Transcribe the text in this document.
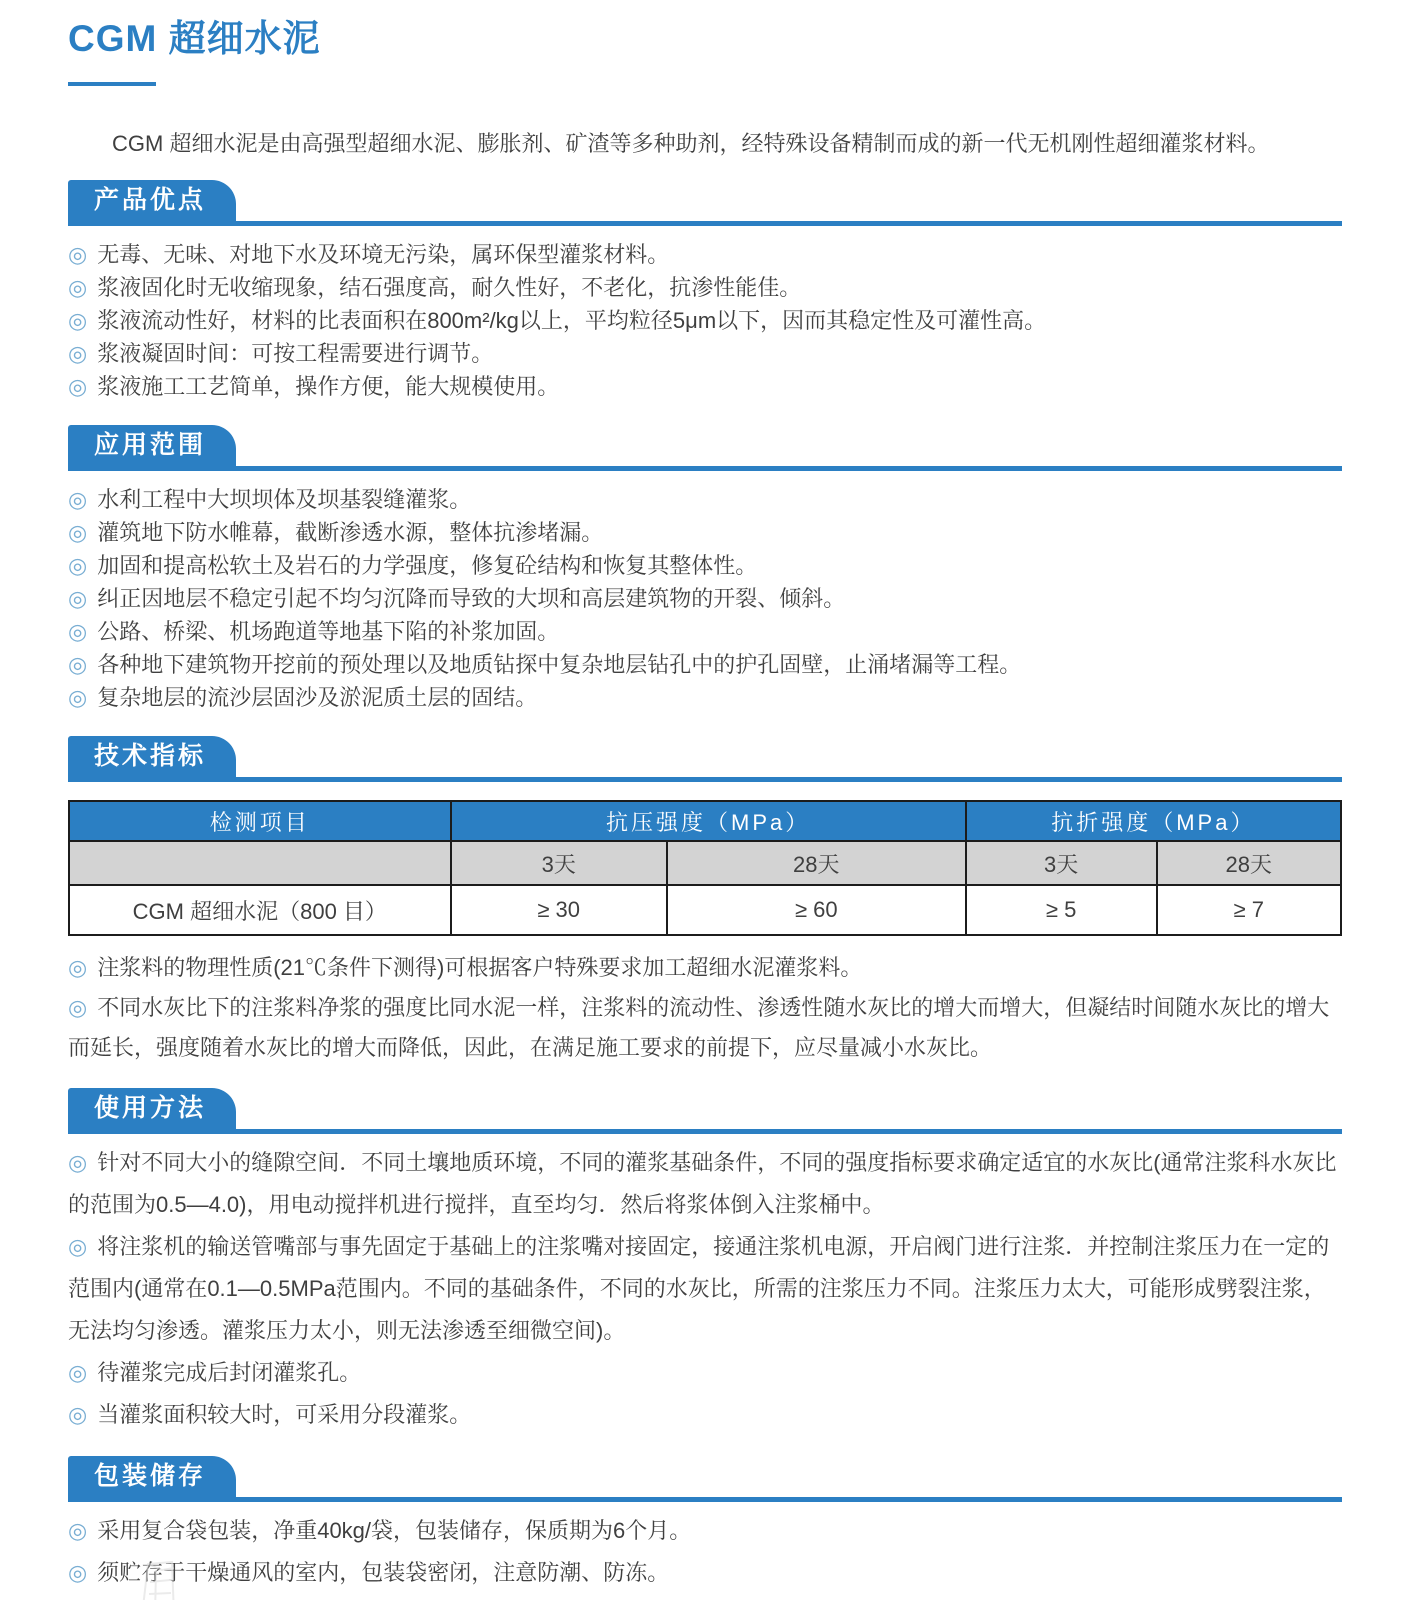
CGM 超细水泥

CGM 超细水泥是由高强型超细水泥、膨胀剂、矿渣等多种助剂，经特殊设备精制而成的新一代无机刚性超细灌浆材料。

产品优点
◎ 无毒、无味、对地下水及环境无污染，属环保型灌浆材料。
◎ 浆液固化时无收缩现象，结石强度高，耐久性好，不老化，抗渗性能佳。
◎ 浆液流动性好，材料的比表面积在800m²/kg以上，平均粒径5μm以下，因而其稳定性及可灌性高。
◎ 浆液凝固时间：可按工程需要进行调节。
◎ 浆液施工工艺简单，操作方便，能大规模使用。
应用范围
◎ 水利工程中大坝坝体及坝基裂缝灌浆。
◎ 灌筑地下防水帷幕，截断渗透水源，整体抗渗堵漏。
◎ 加固和提高松软土及岩石的力学强度，修复砼结构和恢复其整体性。
◎ 纠正因地层不稳定引起不均匀沉降而导致的大坝和高层建筑物的开裂、倾斜。
◎ 公路、桥梁、机场跑道等地基下陷的补浆加固。
◎ 各种地下建筑物开挖前的预处理以及地质钻探中复杂地层钻孔中的护孔固壁，止涌堵漏等工程。
◎ 复杂地层的流沙层固沙及淤泥质土层的固结。
技术指标
检测项目	抗压强度（MPa）		抗折强度（MPa）	
	3天	28天	3天	28天
CGM 超细水泥（800 目）	≥ 30	≥ 60	≥ 5	≥ 7
◎ 注浆料的物理性质(21℃条件下测得)可根据客户特殊要求加工超细水泥灌浆料。
◎ 不同水灰比下的注浆料净浆的强度比同水泥一样，注浆料的流动性、渗透性随水灰比的增大而增大，但凝结时间随水灰比的增大而延长，强度随着水灰比的增大而降低，因此，在满足施工要求的前提下，应尽量减小水灰比。
使用方法
◎ 针对不同大小的缝隙空间．不同土壤地质环境，不同的灌浆基础条件，不同的强度指标要求确定适宜的水灰比(通常注浆科水灰比的范围为0.5—4.0)，用电动搅拌机进行搅拌，直至均匀．然后将浆体倒入注浆桶中。
◎ 将注浆机的输送管嘴部与事先固定于基础上的注浆嘴对接固定，接通注浆机电源，开启阀门进行注浆．并控制注浆压力在一定的范围内(通常在0.1—0.5MPa范围内。不同的基础条件，不同的水灰比，所需的注浆压力不同。注浆压力太大，可能形成劈裂注浆，无法均匀渗透。灌浆压力太小，则无法渗透至细微空间)。
◎ 待灌浆完成后封闭灌浆孔。
◎ 当灌浆面积较大时，可采用分段灌浆。
包装储存
◎ 采用复合袋包装，净重40kg/袋，包装储存，保质期为6个月。
◎ 须贮存于干燥通风的室内，包装袋密闭，注意防潮、防冻。
